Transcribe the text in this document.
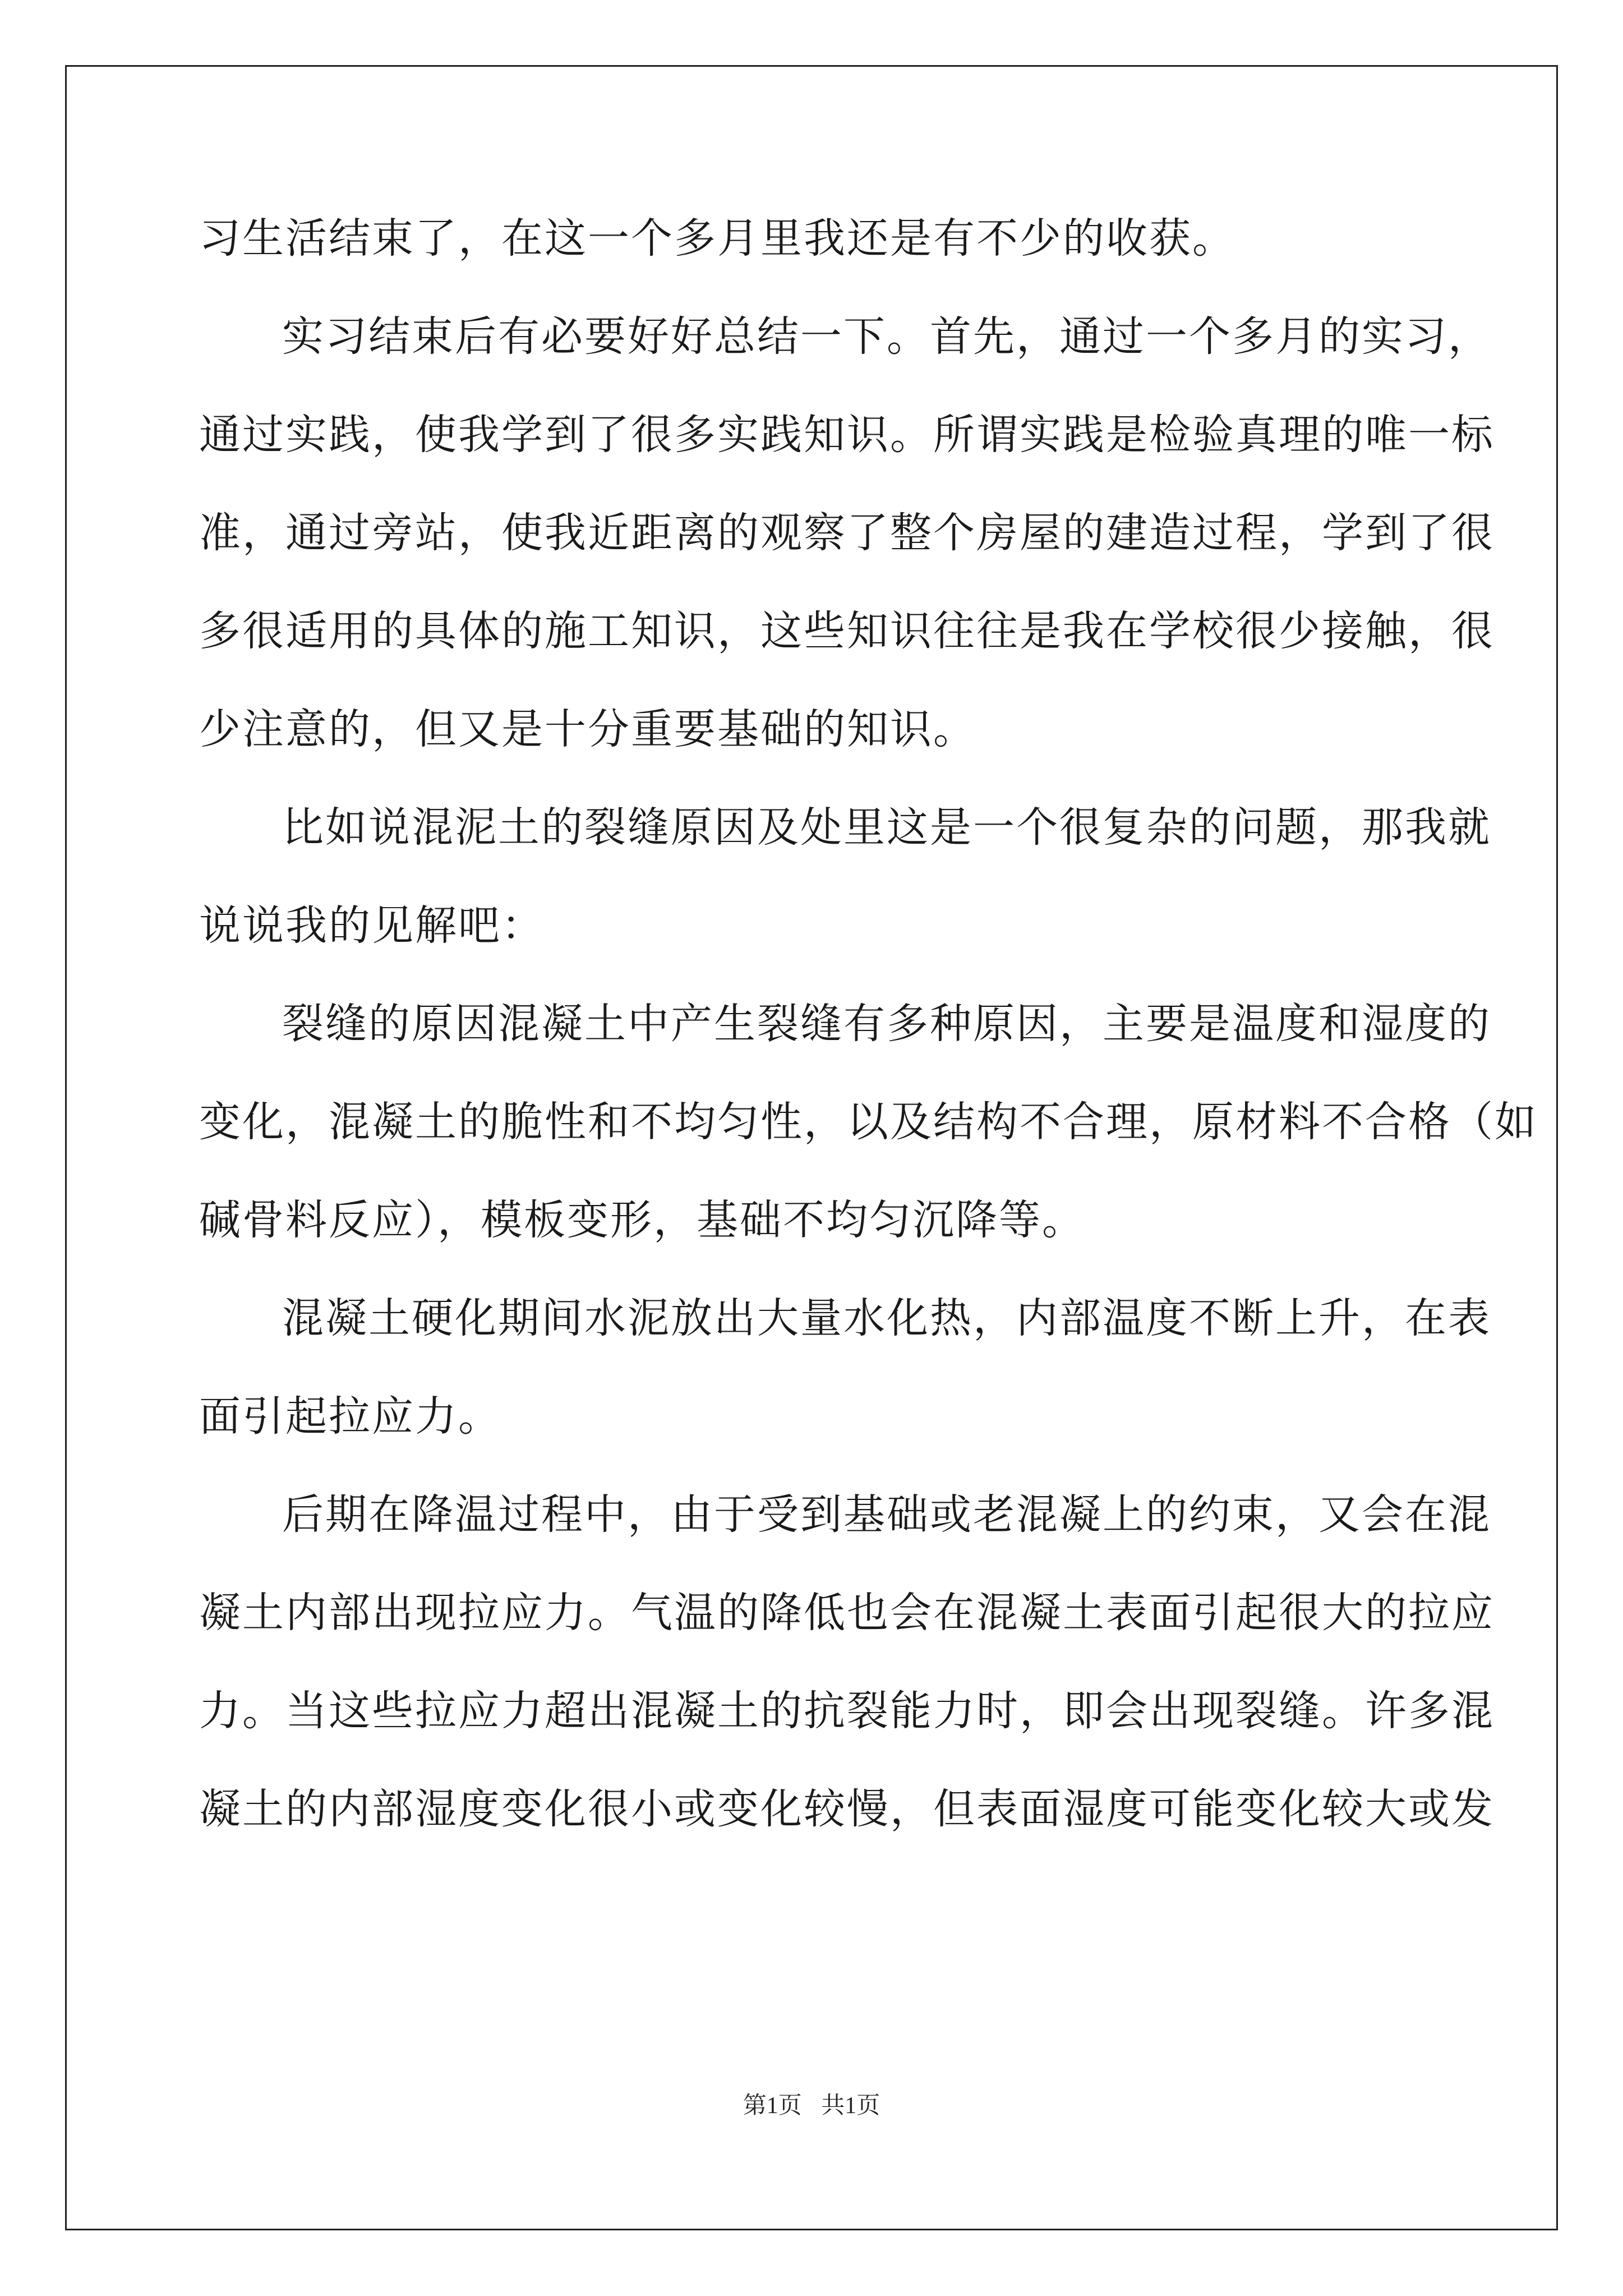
习生活结束了，在这一个多月里我还是有不少的收获。
实习结束后有必要好好总结一下。首先，通过一个多月的实习，
通过实践，使我学到了很多实践知识。所谓实践是检验真理的唯一标
准，通过旁站，使我近距离的观察了整个房屋的建造过程，学到了很
多很适用的具体的施工知识，这些知识往往是我在学校很少接触，很
少注意的，但又是十分重要基础的知识。
比如说混泥土的裂缝原因及处里这是一个很复杂的问题，那我就
说说我的见解吧：
裂缝的原因混凝土中产生裂缝有多种原因，主要是温度和湿度的
变化，混凝土的脆性和不均匀性，以及结构不合理，原材料不合格（如
碱骨料反应），模板变形，基础不均匀沉降等。
混凝土硬化期间水泥放出大量水化热，内部温度不断上升，在表
面引起拉应力。
后期在降温过程中，由于受到基础或老混凝上的约束，又会在混
凝土内部出现拉应力。气温的降低也会在混凝土表面引起很大的拉应
力。当这些拉应力超出混凝土的抗裂能力时，即会出现裂缝。许多混
凝土的内部湿度变化很小或变化较慢，但表面湿度可能变化较大或发
第1页 共1页
